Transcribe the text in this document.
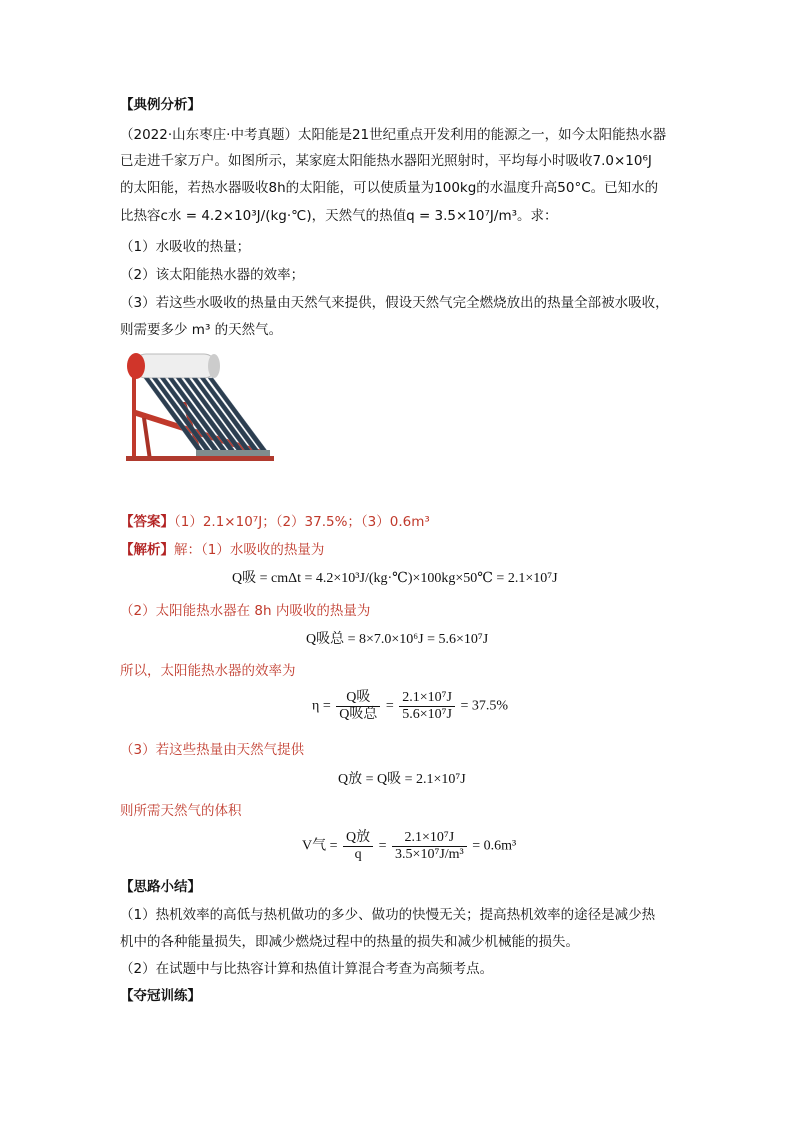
【典例分析】
（2022·山东枣庄·中考真题）太阳能是21世纪重点开发利用的能源之一，如今太阳能热水器
已走进千家万户。如图所示，某家庭太阳能热水器阳光照射时，平均每小时吸收7.0×10⁶J
的太阳能，若热水器吸收8h的太阳能，可以使质量为100kg的水温度升高50°C。已知水的
比热容c水 = 4.2×10³J/(kg·℃)，天然气的热值q = 3.5×10⁷J/m³。求：
（1）水吸收的热量；
（2）该太阳能热水器的效率；
（3）若这些水吸收的热量由天然气来提供，假设天然气完全燃烧放出的热量全部被水吸收，
则需要多少 m³ 的天然气。
【答案】（1）2.1×10⁷J；（2）37.5%；（3）0.6m³
【解析】解：（1）水吸收的热量为
Q吸 = cmΔt = 4.2×10³J/(kg·℃)×100kg×50℃ = 2.1×10⁷J
（2）太阳能热水器在 8h 内吸收的热量为
Q吸总 = 8×7.0×10⁶J = 5.6×10⁷J
所以，太阳能热水器的效率为
$\eta = \frac{\text{Q吸}}{\text{Q吸总}} = \frac{\text{2.1×10⁷J}}{\text{5.6×10⁷J}} = 37.5\%$
（3）若这些热量由天然气提供
Q放 = Q吸 = 2.1×10⁷J
则所需天然气的体积
V气 = $\frac{\text{Q放}}{q} = \frac{\text{2.1×10⁷J}}{\text{3.5×10⁷J/m³}} = 0.6m^3$
【思路小结】
（1）热机效率的高低与热机做功的多少、做功的快慢无关；提高热机效率的途径是减少热
机中的各种能量损失，即减少燃烧过程中的热量的损失和减少机械能的损失。
（2）在试题中与比热容计算和热值计算混合考查为高频考点。
【夺冠训练】
